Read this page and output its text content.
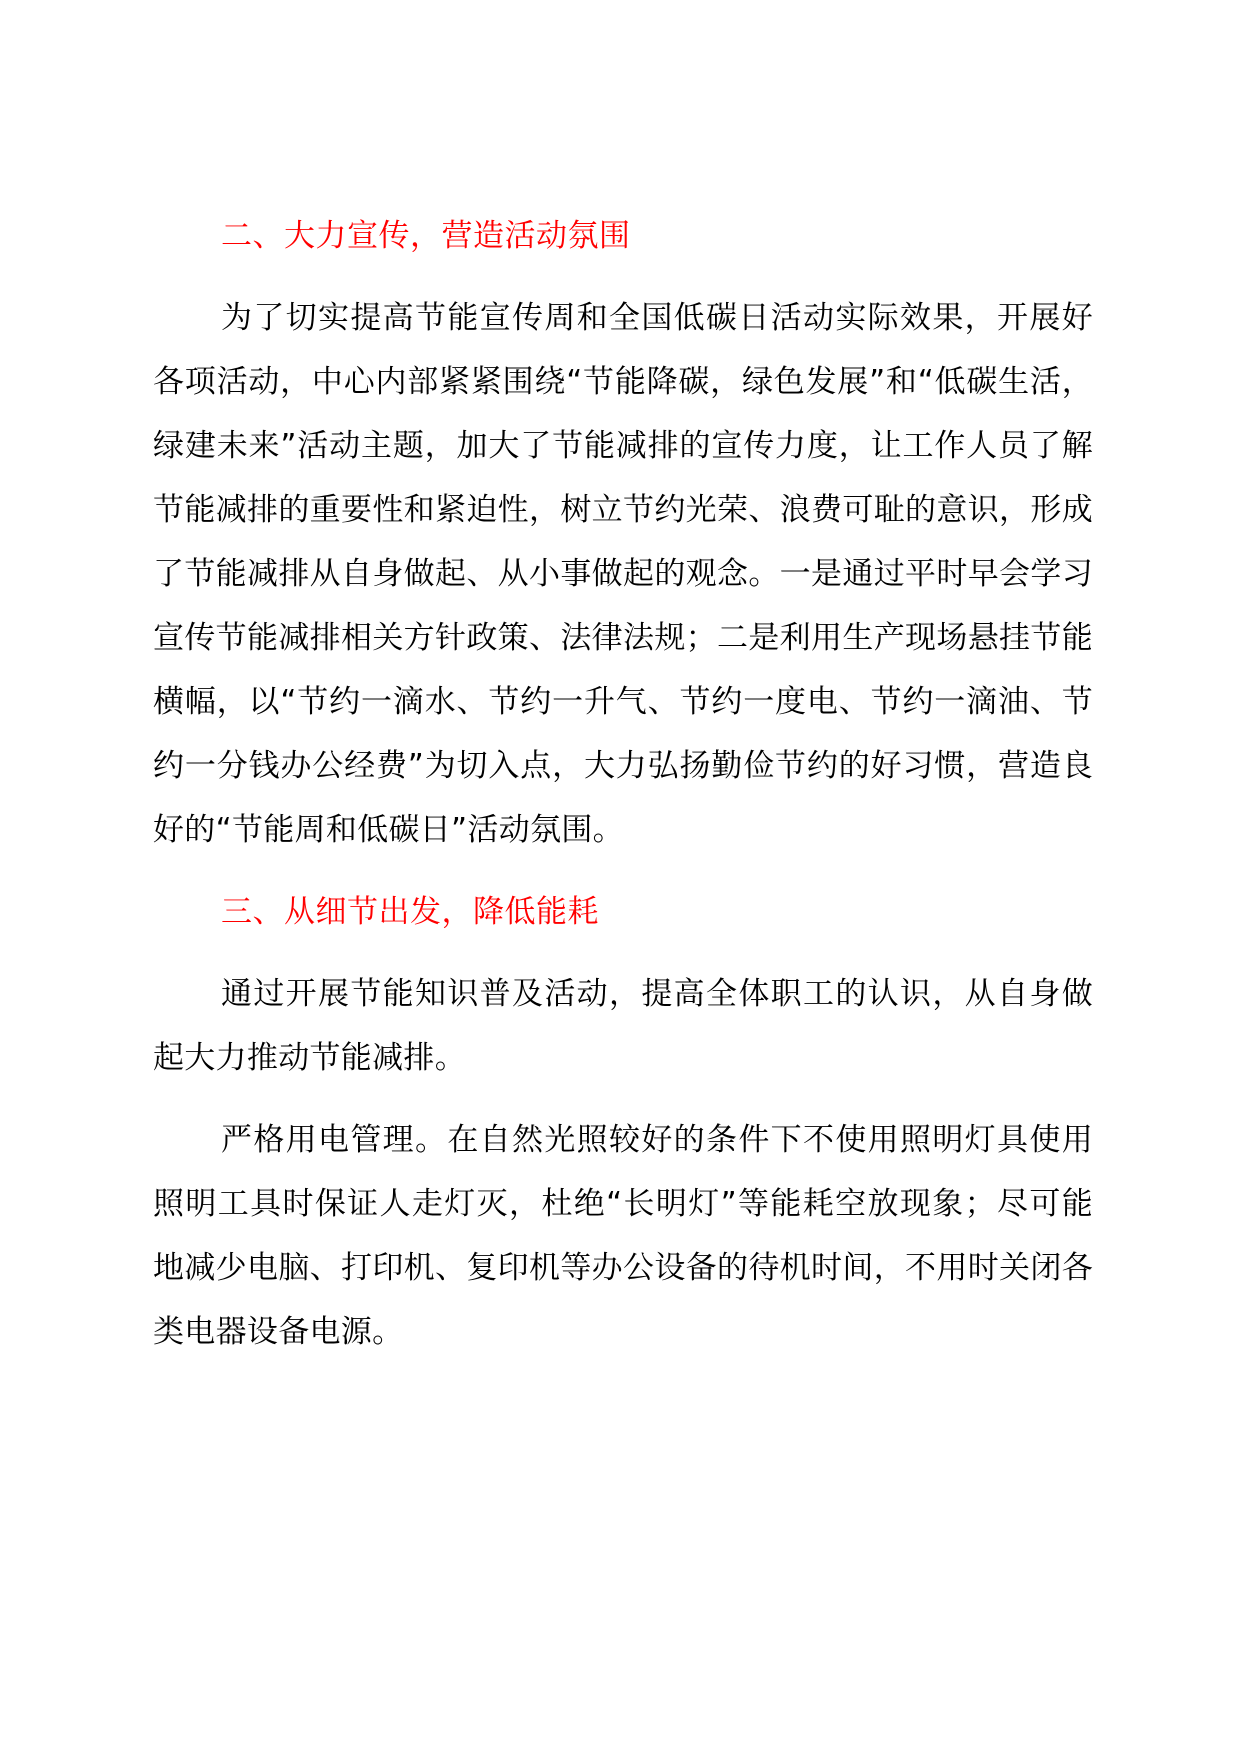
二、大力宣传，营造活动氛围

为了切实提高节能宣传周和全国低碳日活动实际效果，开展好各项活动，中心内部紧紧围绕“节能降碳，绿色发展”和“低碳生活，绿建未来”活动主题，加大了节能减排的宣传力度，让工作人员了解节能减排的重要性和紧迫性，树立节约光荣、浪费可耻的意识，形成了节能减排从自身做起、从小事做起的观念。一是通过平时早会学习宣传节能减排相关方针政策、法律法规；二是利用生产现场悬挂节能横幅，以“节约一滴水、节约一升气、节约一度电、节约一滴油、节约一分钱办公经费”为切入点，大力弘扬勤俭节约的好习惯，营造良好的“节能周和低碳日”活动氛围。

三、从细节出发，降低能耗

通过开展节能知识普及活动，提高全体职工的认识，从自身做起大力推动节能减排。

严格用电管理。在自然光照较好的条件下不使用照明灯具使用照明工具时保证人走灯灭，杜绝“长明灯”等能耗空放现象；尽可能地减少电脑、打印机、复印机等办公设备的待机时间，不用时关闭各类电器设备电源。
